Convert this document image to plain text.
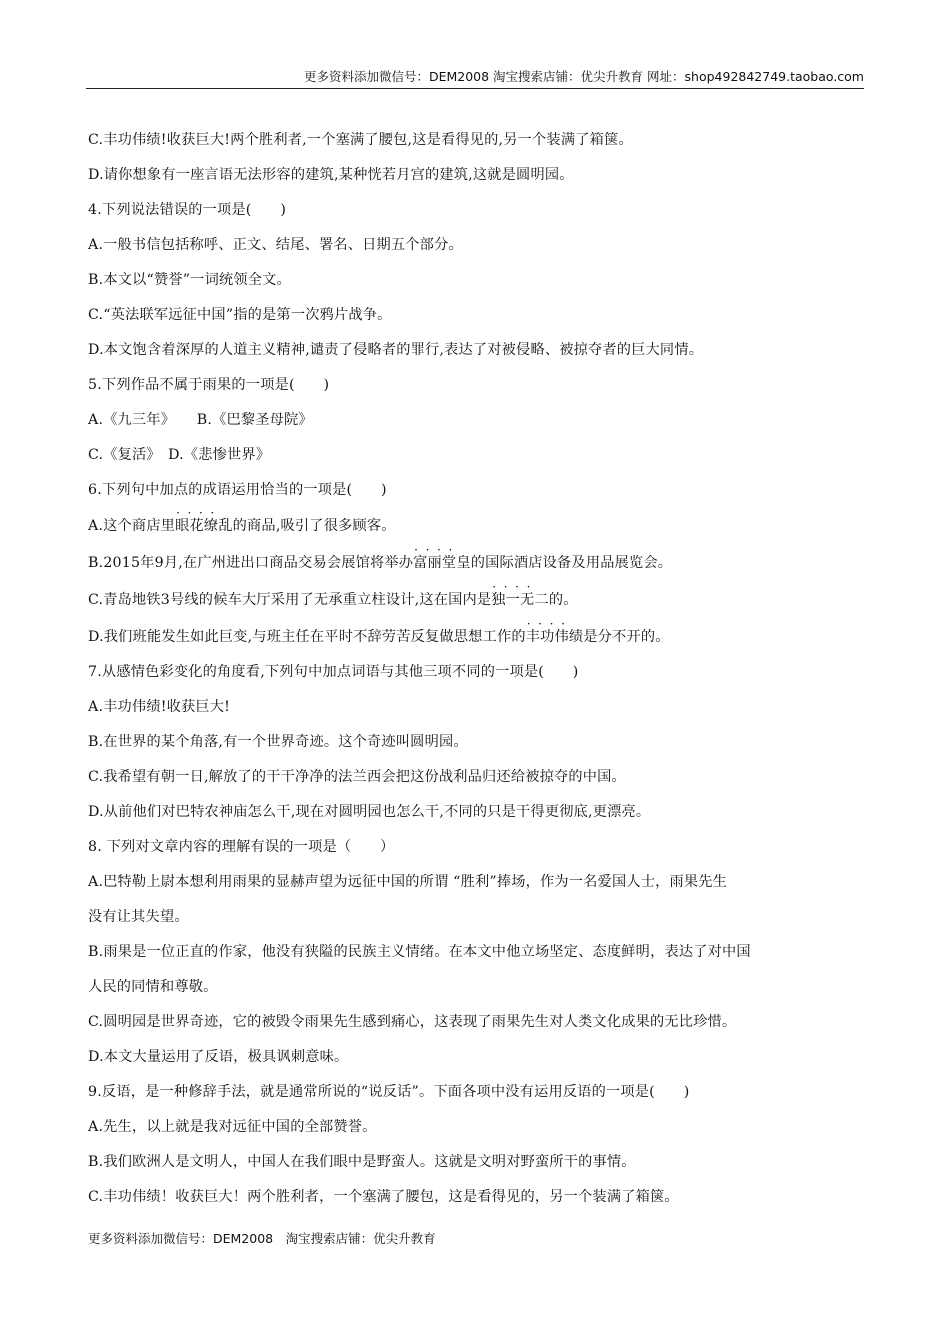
更多资料添加微信号：DEM2008 淘宝搜索店铺：优尖升教育 网址：shop492842749.taobao.com
C.丰功伟绩!收获巨大!两个胜利者,一个塞满了腰包,这是看得见的,另一个装满了箱箧。
D.请你想象有一座言语无法形容的建筑,某种恍若月宫的建筑,这就是圆明园。
4.下列说法错误的一项是(　　)
A.一般书信包括称呼、正文、结尾、署名、日期五个部分。
B.本文以“赞誉”一词统领全文。
C.“英法联军远征中国”指的是第一次鸦片战争。
D.本文饱含着深厚的人道主义精神,谴责了侵略者的罪行,表达了对被侵略、被掠夺者的巨大同情。
5.下列作品不属于雨果的一项是(　　)
A.《九三年》　　B.《巴黎圣母院》
C.《复活》　D.《悲惨世界》
6.下列句中加点的成语运用恰当的一项是(　　)
A.这个商店里· · 眼花缭乱的商品,吸引了很多顾客。
B.2015年9月,在广州进出口商品交易会展馆将举办· · 富丽堂皇的国际酒店设备及用品展览会。
C.青岛地铁3号线的候车大厅采用了无承重立柱设计,这在国内是· · 独一无二的。
D.我们班能发生如此巨变,与班主任在平时不辞劳苦反复做思想工作的· · 丰功伟绩是分不开的。
7.从感情色彩变化的角度看,下列句中加点词语与其他三项不同的一项是(　　)
A.丰功伟绩!收获巨大!
B.在世界的某个角落,有一个世界奇迹。这个奇迹叫圆明园。
C.我希望有朝一日,解放了的干干净净的法兰西会把这份战利品归还给被掠夺的中国。
D.从前他们对巴特农神庙怎么干,现在对圆明园也怎么干,不同的只是干得更彻底,更漂亮。
8. 下列对文章内容的理解有误的一项是（　　）
A.巴特勒上尉本想利用雨果的显赫声望为远征中国的所谓 “胜利”捧场，作为一名爱国人士，雨果先生
没有让其失望。
B.雨果是一位正直的作家，他没有狭隘的民族主义情绪。在本文中他立场坚定、态度鲜明，表达了对中国
人民的同情和尊敬。
C.圆明园是世界奇迹，它的被毁令雨果先生感到痛心，这表现了雨果先生对人类文化成果的无比珍惜。
D.本文大量运用了反语，极具讽刺意味。
9.反语，是一种修辞手法，就是通常所说的“说反话”。下面各项中没有运用反语的一项是(　　)
A.先生，以上就是我对远征中国的全部赞誉。
B.我们欧洲人是文明人，中国人在我们眼中是野蛮人。这就是文明对野蛮所干的事情。
C.丰功伟绩！收获巨大！两个胜利者，一个塞满了腰包，这是看得见的，另一个装满了箱箧。
更多资料添加微信号：DEM2008　淘宝搜索店铺：优尖升教育
